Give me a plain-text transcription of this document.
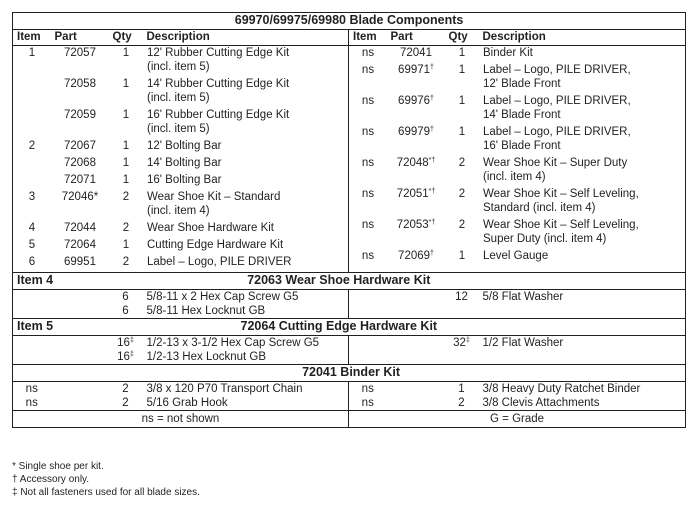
69970/69975/69980 Blade Components
Item	Part	Qty	Description	Item	Part	Qty	Description

1	72057	1	12' Rubber Cutting Edge Kit
(incl. item 5)

	72058	1	14' Rubber Cutting Edge Kit
(incl. item 5)

	72059	1	16' Rubber Cutting Edge Kit
(incl. item 5)

2	72067	1	12' Bolting Bar

	72068	1	14' Bolting Bar

	72071	1	16' Bolting Bar

3	72046*	2	Wear Shoe Kit – Standard
(incl. item 4)

4	72044	2	Wear Shoe Hardware Kit

5	72064	1	Cutting Edge Hardware Kit

6	69951	2	Label – Logo, PILE DRIVER

ns	72041	1	Binder Kit

ns	69971†	1	Label – Logo, PILE DRIVER,
12' Blade Front

ns	69976†	1	Label – Logo, PILE DRIVER,
14' Blade Front

ns	69979†	1	Label – Logo, PILE DRIVER,
16' Blade Front

ns	72048*†	2	Wear Shoe Kit – Super Duty
(incl. item 4)

ns	72051*†	2	Wear Shoe Kit – Self Leveling,
Standard (incl. item 4)

ns	72053*†	2	Wear Shoe Kit – Self Leveling,
Super Duty (incl. item 4)

ns	72069†	1	Level Gauge

Item 4	72063 Wear Shoe Hardware Kit
		6	5/8-11 x 2 Hex Cap Screw G5			12	5/8 Flat Washer
		6	5/8-11 Hex Locknut GB				
Item 5	72064 Cutting Edge Hardware Kit
		16‡	1/2-13 x 3-1/2 Hex Cap Screw G5			32‡	1/2 Flat Washer
		16‡	1/2-13 Hex Locknut GB				
72041 Binder Kit
ns		2	3/8 x 120 P70 Transport Chain	ns		1	3/8 Heavy Duty Ratchet Binder
ns		2	5/16 Grab Hook	ns		2	3/8 Clevis Attachments
ns = not shown	G = Grade
* Single shoe per kit.
† Accessory only.
‡ Not all fasteners used for all blade sizes.
